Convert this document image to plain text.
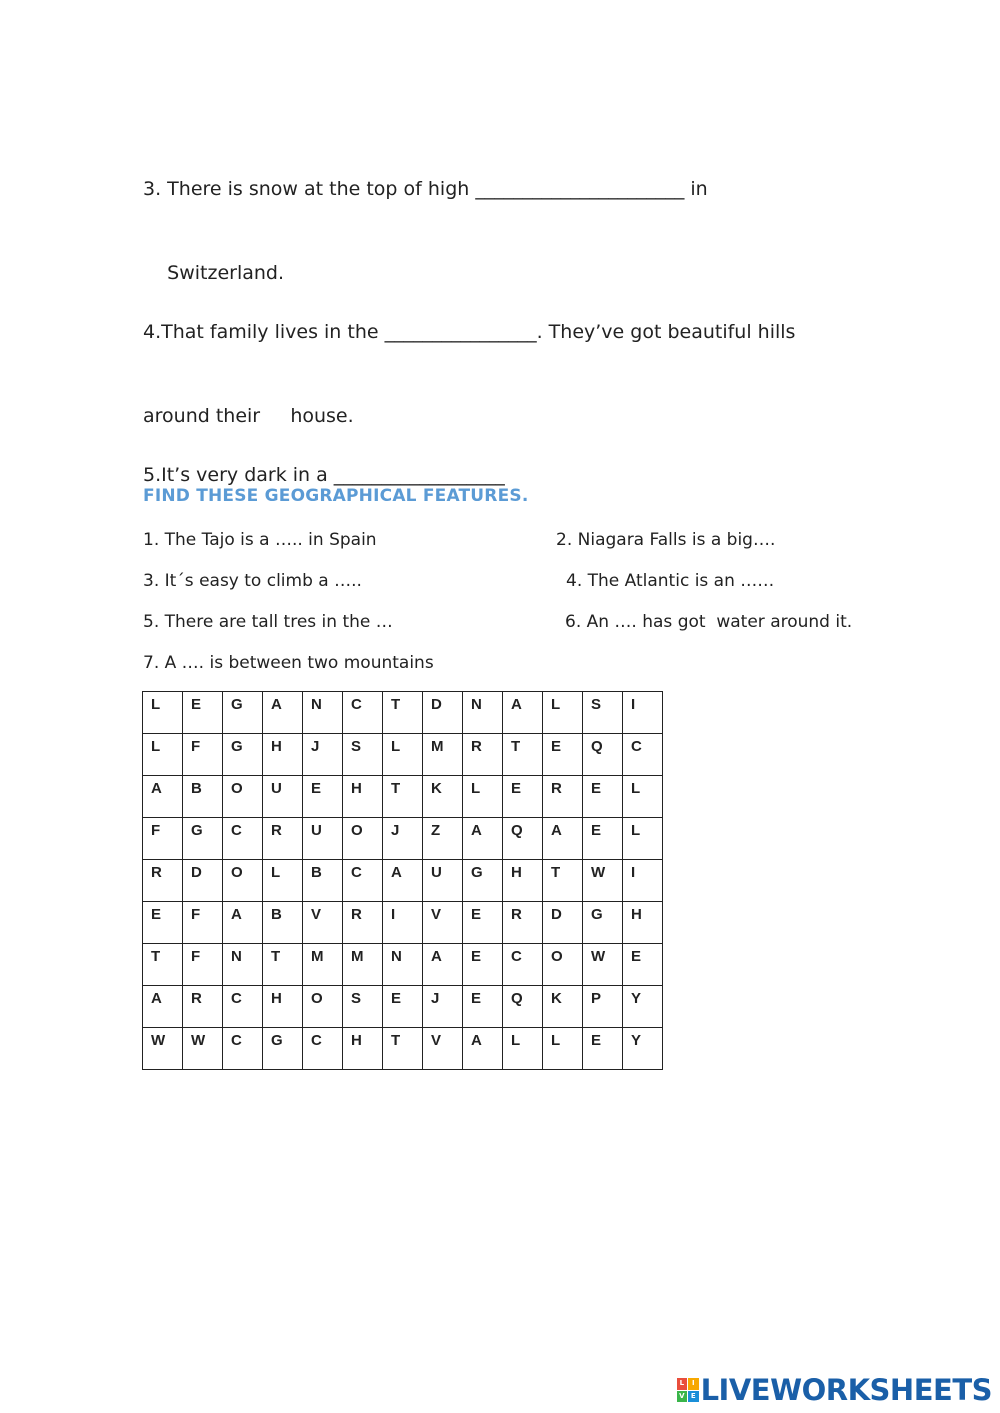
3. There is snow at the top of high ______________________ in

Switzerland.

4.That family lives in the ________________. They’ve got beautiful hills

around their     house.

5.It’s very dark in a __________________

FIND THESE GEOGRAPHICAL FEATURES.
1. The Tajo is a ….. in Spain	2. Niagara Falls is a big….
3. It´s easy to climb a …..	4. The Atlantic is an ……
5. There are tall tres in the …	6. An …. has got  water around it.
7. A …. is between two mountains
L	E	G	A	N	C	T	D	N	A	L	S	I
L	F	G	H	J	S	L	M	R	T	E	Q	C
A	B	O	U	E	H	T	K	L	E	R	E	L
F	G	C	R	U	O	J	Z	A	Q	A	E	L
R	D	O	L	B	C	A	U	G	H	T	W	I
E	F	A	B	V	R	I	V	E	R	D	G	H
T	F	N	T	M	M	N	A	E	C	O	W	E
A	R	C	H	O	S	E	J	E	Q	K	P	Y
W	W	C	G	C	H	T	V	A	L	L	E	Y
L	I
V E LIVEWORKSHEETS
